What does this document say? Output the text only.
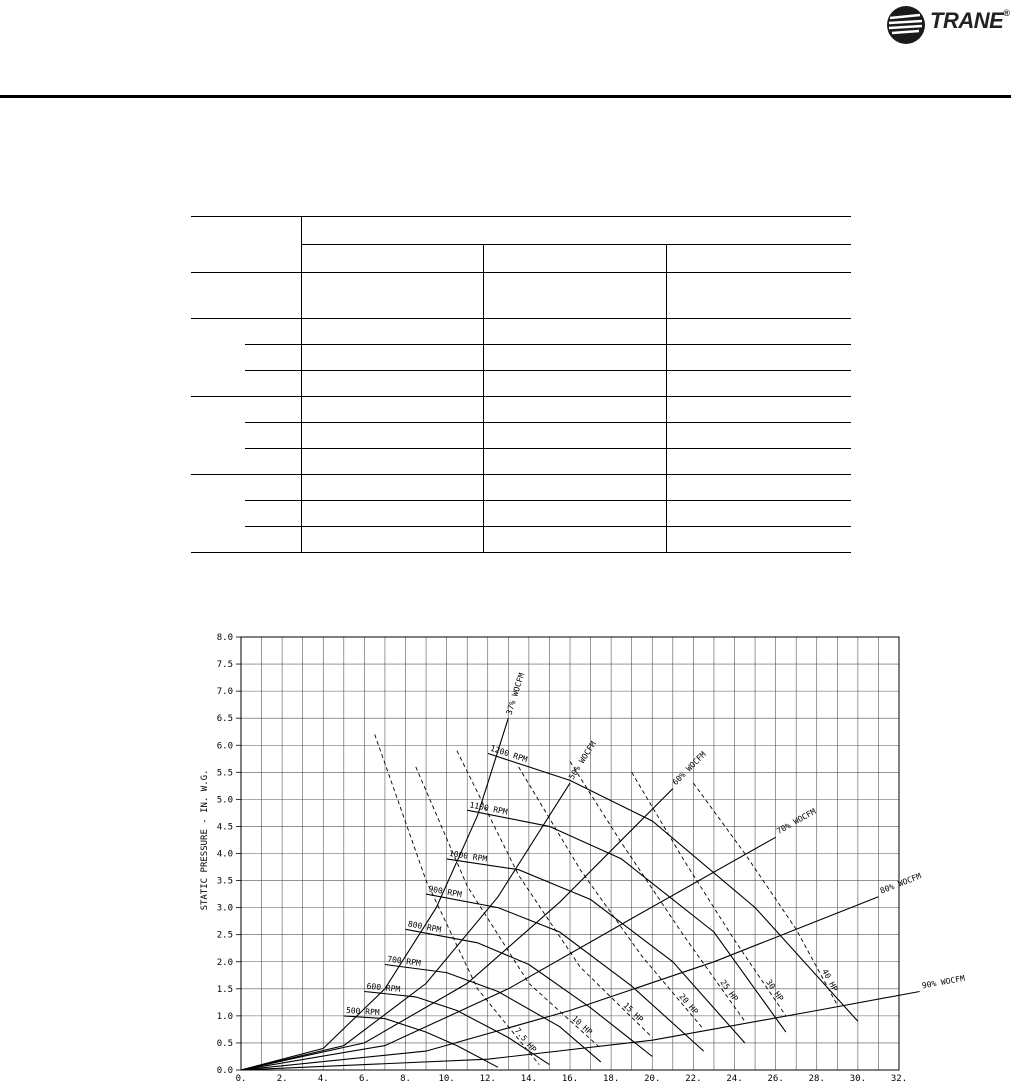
TRANE®
0.0
0.5
1.0
1.5
2.0
2.5
3.0
3.5
4.0
4.5
5.0
5.5
6.0
6.5
7.0
7.5
8.0
0.	2.	4.	6.	8.	10.	12.	14.	16.	18.	20.	22.	24.	26.	28.	30.	32.
STATIC PRESSURE - IN. W.G.
37% WOCFM
50% WOCFM	60% WOCFM
70% WOCFM
80% WOCFM
90% WOCFM
7.5 HP
10 HP
15 HP	20 HP
25 HP	30 HP	40 HP
500 RPM
600 RPM
700 RPM
800 RPM
900 RPM
1000 RPM
1100 RPM
1200 RPM
